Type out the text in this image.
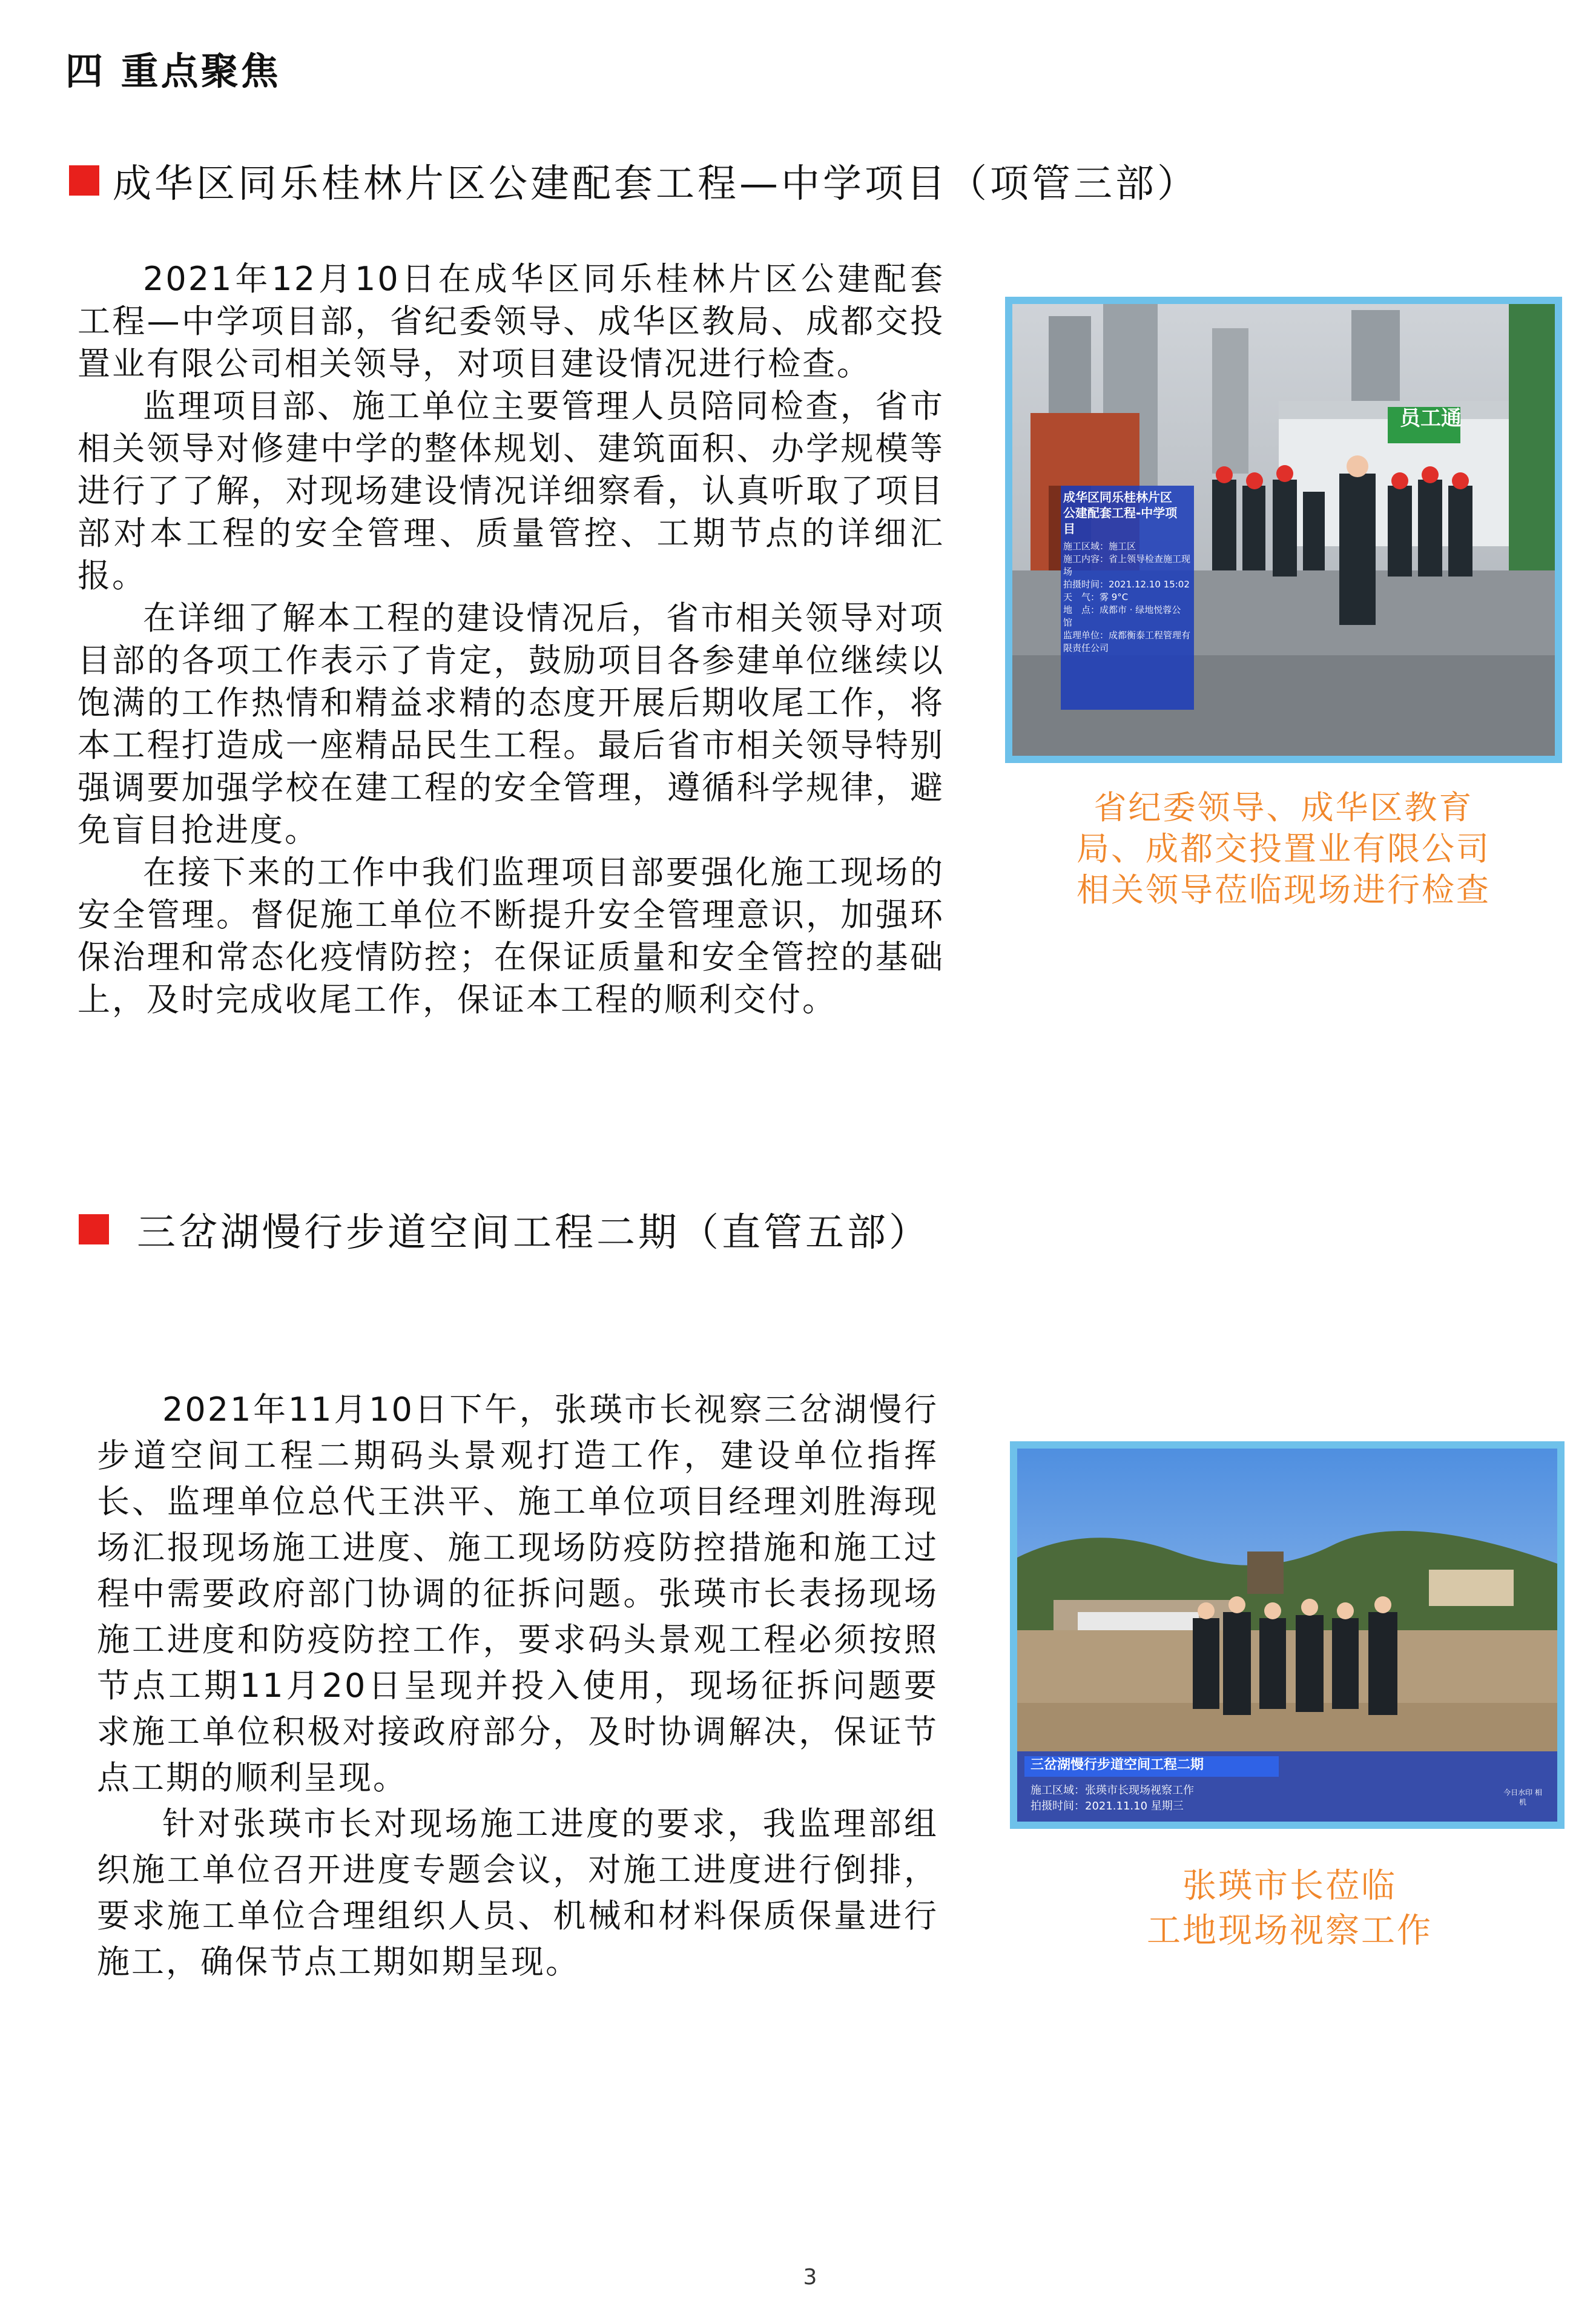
四 重点聚焦
成华区同乐桂林片区公建配套工程—中学项目（项管三部）

2021年12月10日在成华区同乐桂林片区公建配套工程—中学项目部，省纪委领导、成华区教局、成都交投置业有限公司相关领导，对项目建设情况进行检查。

监理项目部、施工单位主要管理人员陪同检查，省市相关领导对修建中学的整体规划、建筑面积、办学规模等进行了了解，对现场建设情况详细察看，认真听取了项目部对本工程的安全管理、质量管控、工期节点的详细汇报。

在详细了解本工程的建设情况后，省市相关领导对项目部的各项工作表示了肯定，鼓励项目各参建单位继续以饱满的工作热情和精益求精的态度开展后期收尾工作，将本工程打造成一座精品民生工程。最后省市相关领导特别强调要加强学校在建工程的安全管理，遵循科学规律，避免盲目抢进度。

在接下来的工作中我们监理项目部要强化施工现场的安全管理。督促施工单位不断提升安全管理意识，加强环保治理和常态化疫情防控；在保证质量和安全管控的基础上，及时完成收尾工作，保证本工程的顺利交付。

成华区同乐桂林片区
公建配套工程-中学项
目
施工区域：施工区
施工内容：省上领导检查施工现
场
拍摄时间：2021.12.10 15:02
天　气：雾 9°C
地　点：成都市 · 绿地悦蓉公
馆
监理单位：成都衡泰工程管理有
限责任公司
员工通
省纪委领导、成华区教育
局、成都交投置业有限公司
相关领导莅临现场进行检查
三岔湖慢行步道空间工程二期（直管五部）

2021年11月10日下午，张瑛市长视察三岔湖慢行步道空间工程二期码头景观打造工作，建设单位指挥长、监理单位总代王洪平、施工单位项目经理刘胜海现场汇报现场施工进度、施工现场防疫防控措施和施工过程中需要政府部门协调的征拆问题。张瑛市长表扬现场施工进度和防疫防控工作，要求码头景观工程必须按照节点工期11月20日呈现并投入使用，现场征拆问题要求施工单位积极对接政府部分，及时协调解决，保证节点工期的顺利呈现。

针对张瑛市长对现场施工进度的要求，我监理部组织施工单位召开进度专题会议，对施工进度进行倒排，要求施工单位合理组织人员、机械和材料保质保量进行施工，确保节点工期如期呈现。

三岔湖慢行步道空间工程二期
施工区域：张瑛市长现场视察工作
拍摄时间：2021.11.10 星期三
今日水印 相机
张瑛市长莅临
工地现场视察工作
3
